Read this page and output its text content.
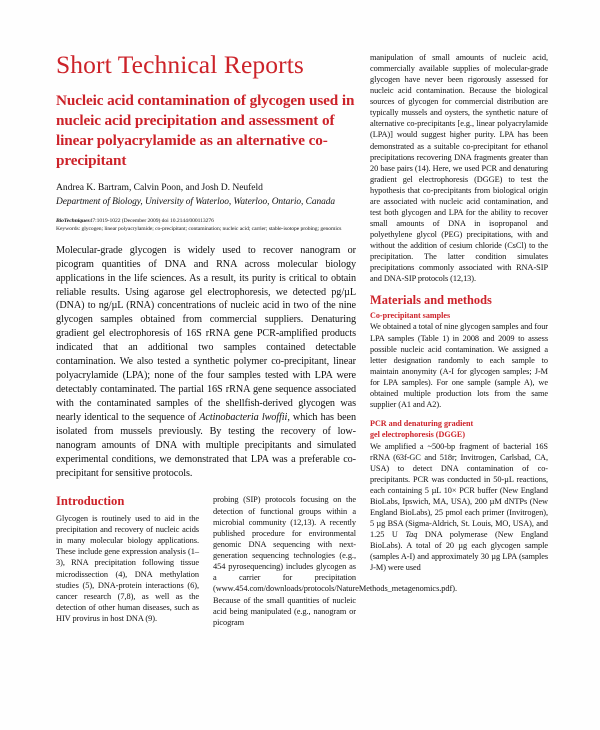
Short Technical Reports
Nucleic acid contamination of glycogen used in nucleic acid precipitation and assessment of linear polyacrylamide as an alternative co-precipitant

Andrea K. Bartram, Calvin Poon, and Josh D. Neufeld

Department of Biology, University of Waterloo, Waterloo, Ontario, Canada

BioTechniques47:1019-1022 (December 2009) doi 10.2144/000113276

Keywords: glycogen; linear polyacrylamide; co-precipitant; contamination; nucleic acid; carrier; stable-isotope probing; genomics

Molecular-grade glycogen is widely used to recover nanogram or picogram quantities of DNA and RNA across molecular biology applications in the life sciences. As a result, its purity is critical to obtain reliable results. Using agarose gel electrophoresis, we detected pg/µL (DNA) to ng/µL (RNA) concentrations of nucleic acid in two of the nine glycogen samples obtained from commercial suppliers. Denaturing gradient gel electrophoresis of 16S rRNA gene PCR-amplified products indicated that an additional two samples contained detectable contamination. We also tested a synthetic polymer co-precipitant, linear polyacrylamide (LPA); none of the four samples tested with LPA were detectably contaminated. The partial 16S rRNA gene sequence associated with the contaminated samples of the shellfish-derived glycogen was nearly identical to the sequence of Actinobacteria lwoffii, which has been isolated from mussels previously. By testing the recovery of low-nanogram amounts of DNA with multiple precipitants and simulated experimental conditions, we demonstrated that LPA was a preferable co-precipitant for sensitive protocols.

Introduction

Glycogen is routinely used to aid in the precipitation and recovery of nucleic acids in many molecular biology applications. These include gene expression analysis (1–3), RNA precipitation following tissue microdissection (4), DNA methylation studies (5), DNA-protein interactions (6), cancer research (7,8), as well as the detection of other human diseases, such as HIV provirus in host DNA (9).

probing (SIP) protocols focusing on the detection of functional groups within a microbial community (12,13). A recently published procedure for environmental genomic DNA sequencing with next-generation sequencing technologies (e.g., 454 pyrosequencing) includes glycogen as a carrier for precipitation (www.454.com/downloads/protocols/NatureMethods_metagenomics.pdf). Because of the small quantities of nucleic acid being manipulated (e.g., nanogram or picogram

manipulation of small amounts of nucleic acid, commercially available supplies of molecular-grade glycogen have never been rigorously assessed for nucleic acid contamination. Because the biological sources of glycogen for commercial distribution are typically mussels and oysters, the synthetic nature of alternative co-precipitants [e.g., linear polyacrylamide (LPA)] would suggest higher purity. LPA has been demonstrated as a suitable co-precipitant for ethanol precipitations recovering DNA fragments greater than 20 base pairs (14). Here, we used PCR and denaturing gradient gel electrophoresis (DGGE) to test the hypothesis that co-precipitants from biological origin are associated with nucleic acid contamination, and test both glycogen and LPA for the ability to recover small amounts of DNA in isopropanol and polyethylene glycol (PEG) precipitations, with and without the addition of cesium chloride (CsCl) to the precipitation. The latter condition simulates precipitations commonly associated with RNA-SIP and DNA-SIP protocols (12,13).

Materials and methods
Co-precipitant samples

We obtained a total of nine glycogen samples and four LPA samples (Table 1) in 2008 and 2009 to assess possible nucleic acid contamination. We assigned a letter designation randomly to each sample to maintain anonymity (A-I for glycogen samples; J-M for LPA samples). For one sample (sample A), we obtained multiple production lots from the same supplier (A1 and A2).

PCR and denaturing gradient
gel electrophoresis (DGGE)

We amplified a ~500-bp fragment of bacterial 16S rRNA (63f-GC and 518r; Invitrogen, Carlsbad, CA, USA) to detect DNA contamination of co-precipitants. PCR was conducted in 50-µL reactions, each containing 5 µL 10× PCR buffer (New England BioLabs, Ipswich, MA, USA), 200 µM dNTPs (New England BioLabs), 25 pmol each primer (Invitrogen), 5 µg BSA (Sigma-Aldrich, St. Louis, MO, USA), and 1.25 U Taq DNA polymerase (New England BioLabs). A total of 20 µg each glycogen sample (samples A-I) and approximately 30 µg LPA (samples J-M) were used
